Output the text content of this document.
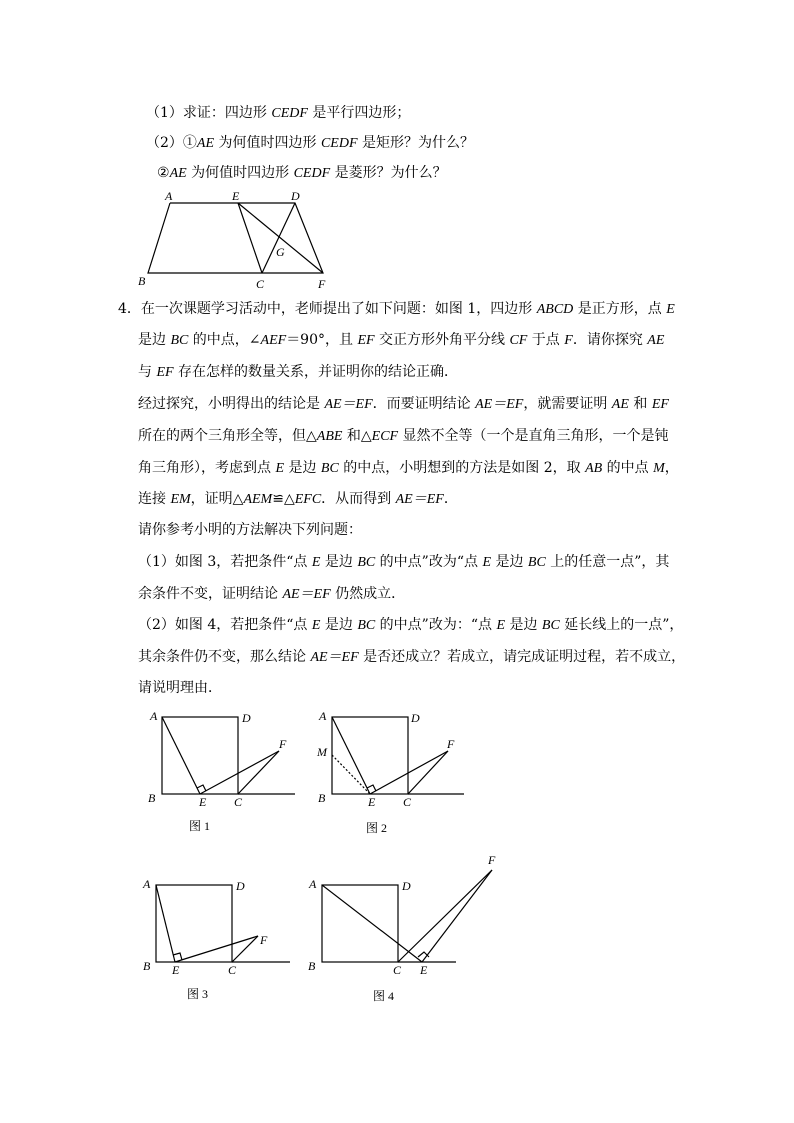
（1）求证：四边形 CEDF 是平行四边形；
（2）①AE 为何值时四边形 CEDF 是矩形？为什么？
②AE 为何值时四边形 CEDF 是菱形？为什么？
A	E	D
G
B	C	F
4．在一次课题学习活动中，老师提出了如下问题：如图 1，四边形 ABCD 是正方形，点 E
是边 BC 的中点，∠AEF＝90°，且 EF 交正方形外角平分线 CF 于点 F．请你探究 AE
与 EF 存在怎样的数量关系，并证明你的结论正确．
经过探究，小明得出的结论是 AE＝EF．而要证明结论 AE＝EF，就需要证明 AE 和 EF
所在的两个三角形全等，但△ABE 和△ECF 显然不全等（一个是直角三角形，一个是钝
角三角形），考虑到点 E 是边 BC 的中点，小明想到的方法是如图 2，取 AB 的中点 M，
连接 EM，证明△AEM≌△EFC．从而得到 AE＝EF．
请你参考小明的方法解决下列问题：
（1）如图 3，若把条件“点 E 是边 BC 的中点”改为“点 E 是边 BC 上的任意一点”，其
余条件不变，证明结论 AE＝EF 仍然成立．
（2）如图 4，若把条件“点 E 是边 BC 的中点”改为：“点 E 是边 BC 延长线上的一点”，
其余条件仍不变，那么结论 AE＝EF 是否还成立？若成立，请完成证明过程，若不成立，
请说明理由．
A	D
B	E C
F
图 1
A	D
M
B	E C
F
图 2
A	D
B E	C
F
图 3
A	D
B	C E
F
图 4
